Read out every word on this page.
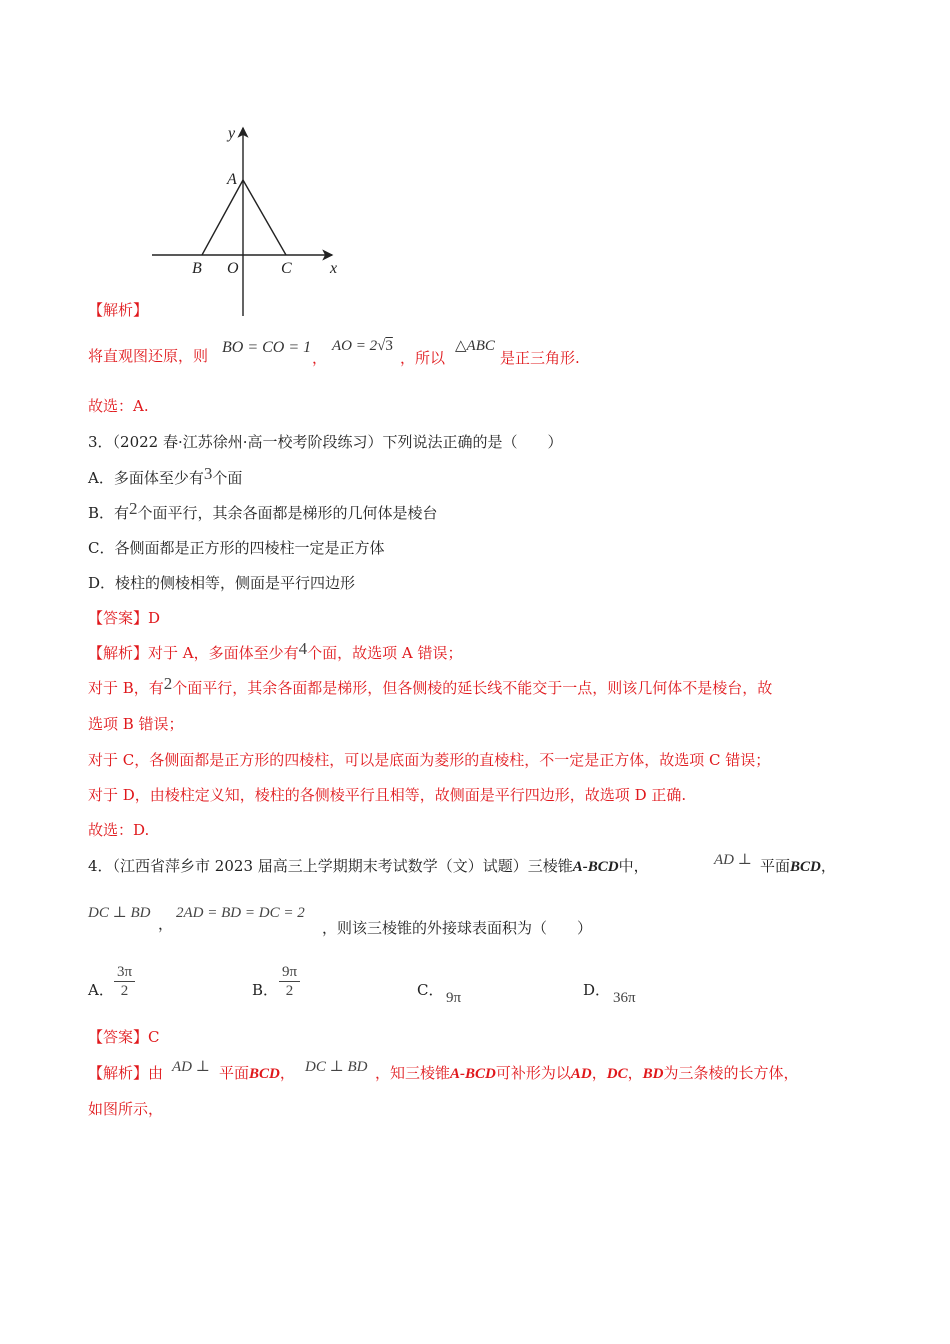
y
A
B O	C x
【解析】
将直观图还原，则 BO = CO = 1
，
AO = 2√3
，所以
△ABC
是正三角形.
故选：A.
3．（2022 春·江苏徐州·高一校考阶段练习）下列说法正确的是（　　）
A．多面体至少有3个面
B．有2个面平行，其余各面都是梯形的几何体是棱台
C．各侧面都是正方形的四棱柱一定是正方体
D．棱柱的侧棱相等，侧面是平行四边形
【答案】D
【解析】对于 A，多面体至少有4个面，故选项 A 错误；
对于 B，有2个面平行，其余各面都是梯形，但各侧棱的延长线不能交于一点，则该几何体不是棱台，故
选项 B 错误；
对于 C，各侧面都是正方形的四棱柱，可以是底面为菱形的直棱柱，不一定是正方体，故选项 C 错误；
对于 D，由棱柱定义知，棱柱的各侧棱平行且相等，故侧面是平行四边形，故选项 D 正确.
故选：D.
4．（江西省萍乡市 2023 届高三上学期期末考试数学（文）试题）三棱锥A-BCD中，	AD ⊥ 平面BCD，
DC ⊥ BD
，
2AD = BD = DC = 2
，则该三棱锥的外接球表面积为（　　）
A． $\frac{3\pi}{2}$	B． $\frac{9\pi}{2}$	C． 9π	D． 36π
【答案】C
【解析】由 AD ⊥ 平面BCD， DC ⊥ BD ，知三棱锥A-BCD可补形为以AD，DC，BD为三条棱的长方体，
如图所示，
